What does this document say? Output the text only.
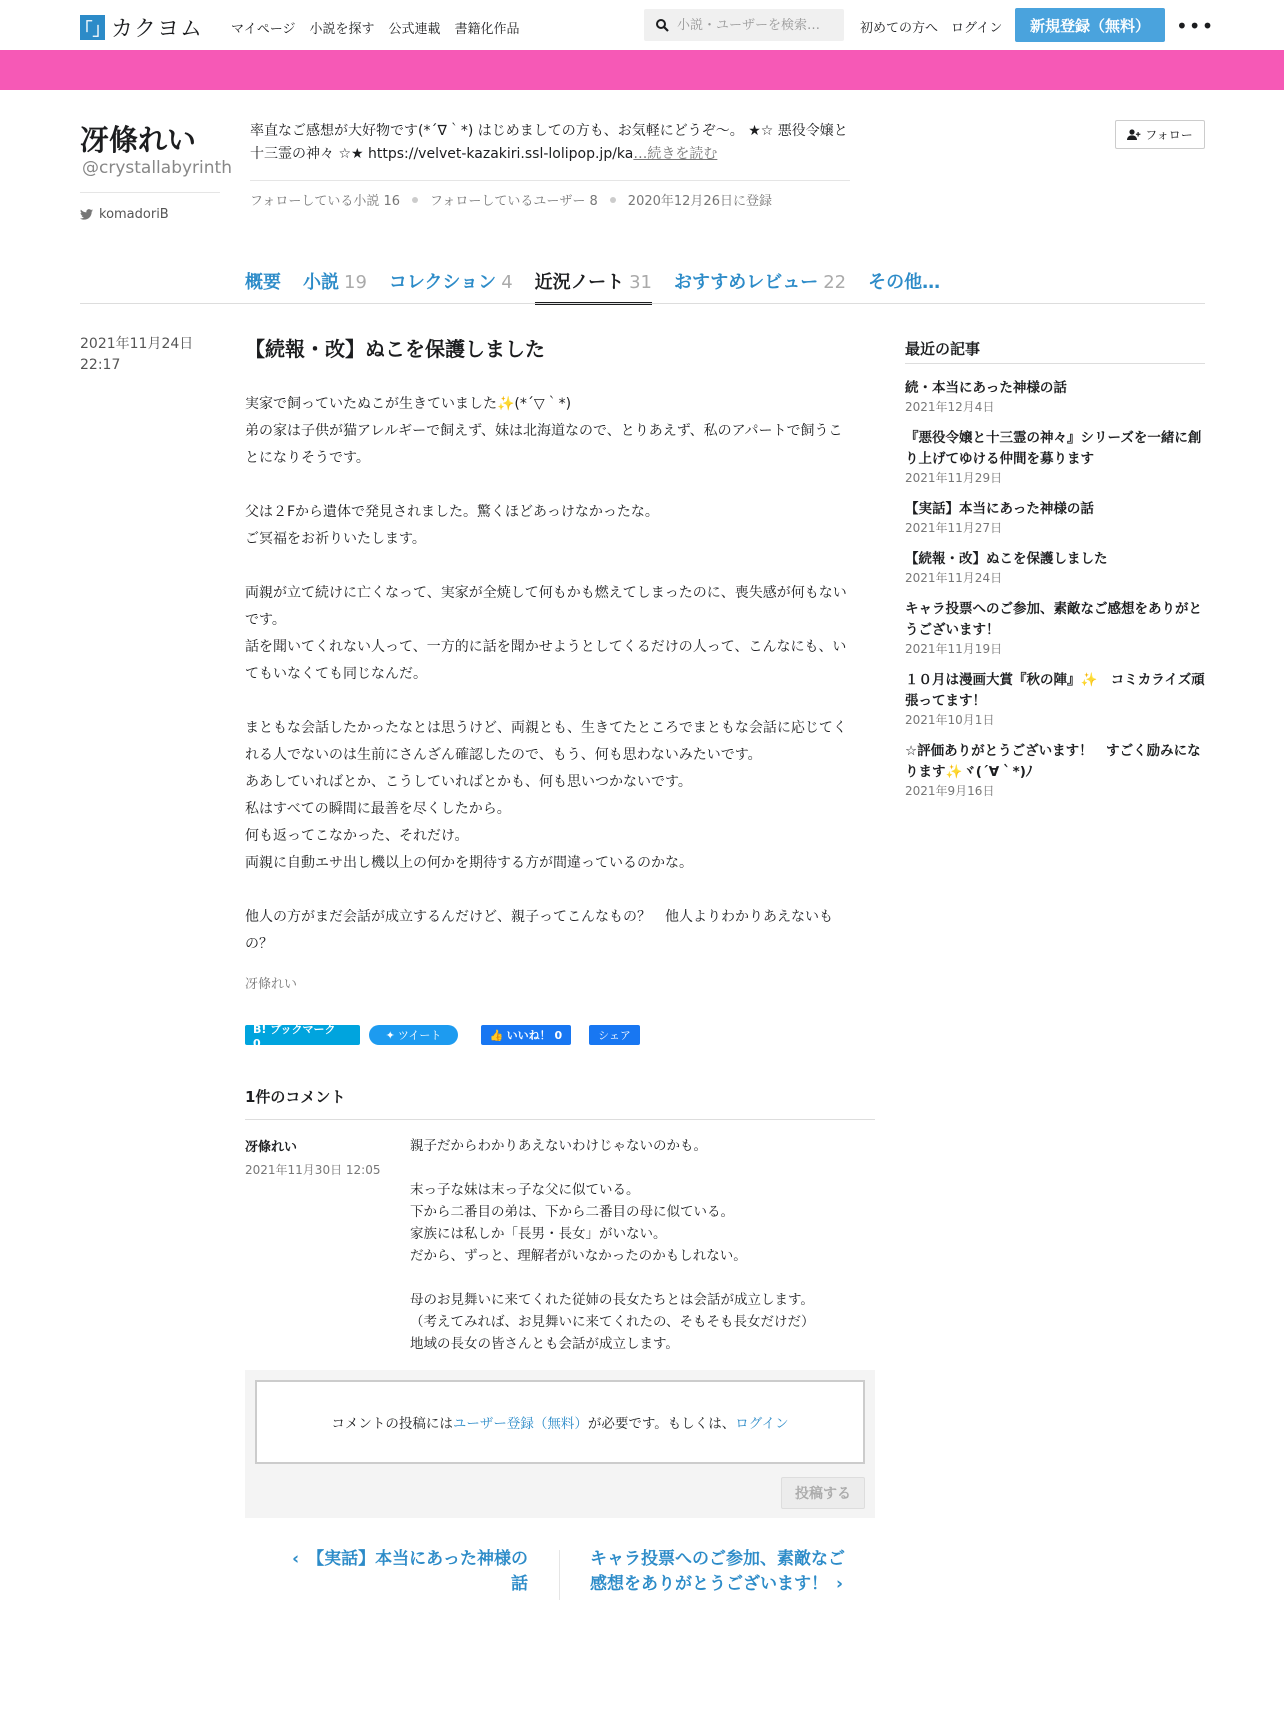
「」 カクヨム マイページ 小説を探す 公式連載 書籍化作品
小説・ユーザーを検索…	初めての方へ ログイン	新規登録（無料）	•••
冴條れい
@crystallabyrinth
komadoriB
率直なご感想が大好物です(*´∇｀*) はじめましての方も、お気軽にどうぞ～。 ★☆ 悪役令嬢と十三霊の神々 ☆★ https://velvet-kazakiri.ssl-lolipop.jp/ka…続きを読む
フォローしている小説 16 フォローしているユーザー 8 2020年12月26日に登録
フォロー
概要 小説 19 コレクション 4 近況ノート 31 おすすめレビュー 22 その他…
2021年11月24日
22:17
【続報・改】ぬこを保護しました

実家で飼っていたぬこが生きていました✨(*´▽｀*)
弟の家は子供が猫アレルギーで飼えず、妹は北海道なので、とりあえず、私のアパートで飼うことになりそうです。

父は２Fから遺体で発見されました。驚くほどあっけなかったな。
ご冥福をお祈りいたします。

両親が立て続けに亡くなって、実家が全焼して何もかも燃えてしまったのに、喪失感が何もないです。
話を聞いてくれない人って、一方的に話を聞かせようとしてくるだけの人って、こんなにも、いてもいなくても同じなんだ。

まともな会話したかったなとは思うけど、両親とも、生きてたところでまともな会話に応じてくれる人でないのは生前にさんざん確認したので、もう、何も思わないみたいです。
ああしていればとか、こうしていればとかも、何も思いつかないです。
私はすべての瞬間に最善を尽くしたから。
何も返ってこなかった、それだけ。
両親に自動エサ出し機以上の何かを期待する方が間違っているのかな。

他人の方がまだ会話が成立するんだけど、親子ってこんなもの？　他人よりわかりあえないもの？

冴條れい
B! ブックマーク　0
✦ ツイート	👍 いいね！ 0	シェア
1件のコメント
冴條れい
2021年11月30日 12:05

親子だからわかりあえないわけじゃないのかも。

末っ子な妹は末っ子な父に似ている。
下から二番目の弟は、下から二番目の母に似ている。
家族には私しか「長男・長女」がいない。
だから、ずっと、理解者がいなかったのかもしれない。

母のお見舞いに来てくれた従姉の長女たちとは会話が成立します。
（考えてみれば、お見舞いに来てくれたの、そもそも長女だけだ）
地域の長女の皆さんとも会話が成立します。

コメントの投稿には ユーザー登録（無料） が必要です。もしくは、 ログイン
投稿する
‹ 【実話】本当にあった神様の話
キャラ投票へのご参加、素敵なご感想をありがとうございます！ ›
最近の記事
続・本当にあった神様の話
2021年12月4日
『悪役令嬢と十三霊の神々』シリーズを一緒に創り上げてゆける仲間を募ります
2021年11月29日
【実話】本当にあった神様の話
2021年11月27日
【続報・改】ぬこを保護しました
2021年11月24日
キャラ投票へのご参加、素敵なご感想をありがとうございます！
2021年11月19日
１０月は漫画大賞『秋の陣』✨　コミカライズ頑張ってます！
2021年10月1日
☆評価ありがとうございます！　すごく励みになります✨ヾ(´∀｀*)ﾉ
2021年9月16日
